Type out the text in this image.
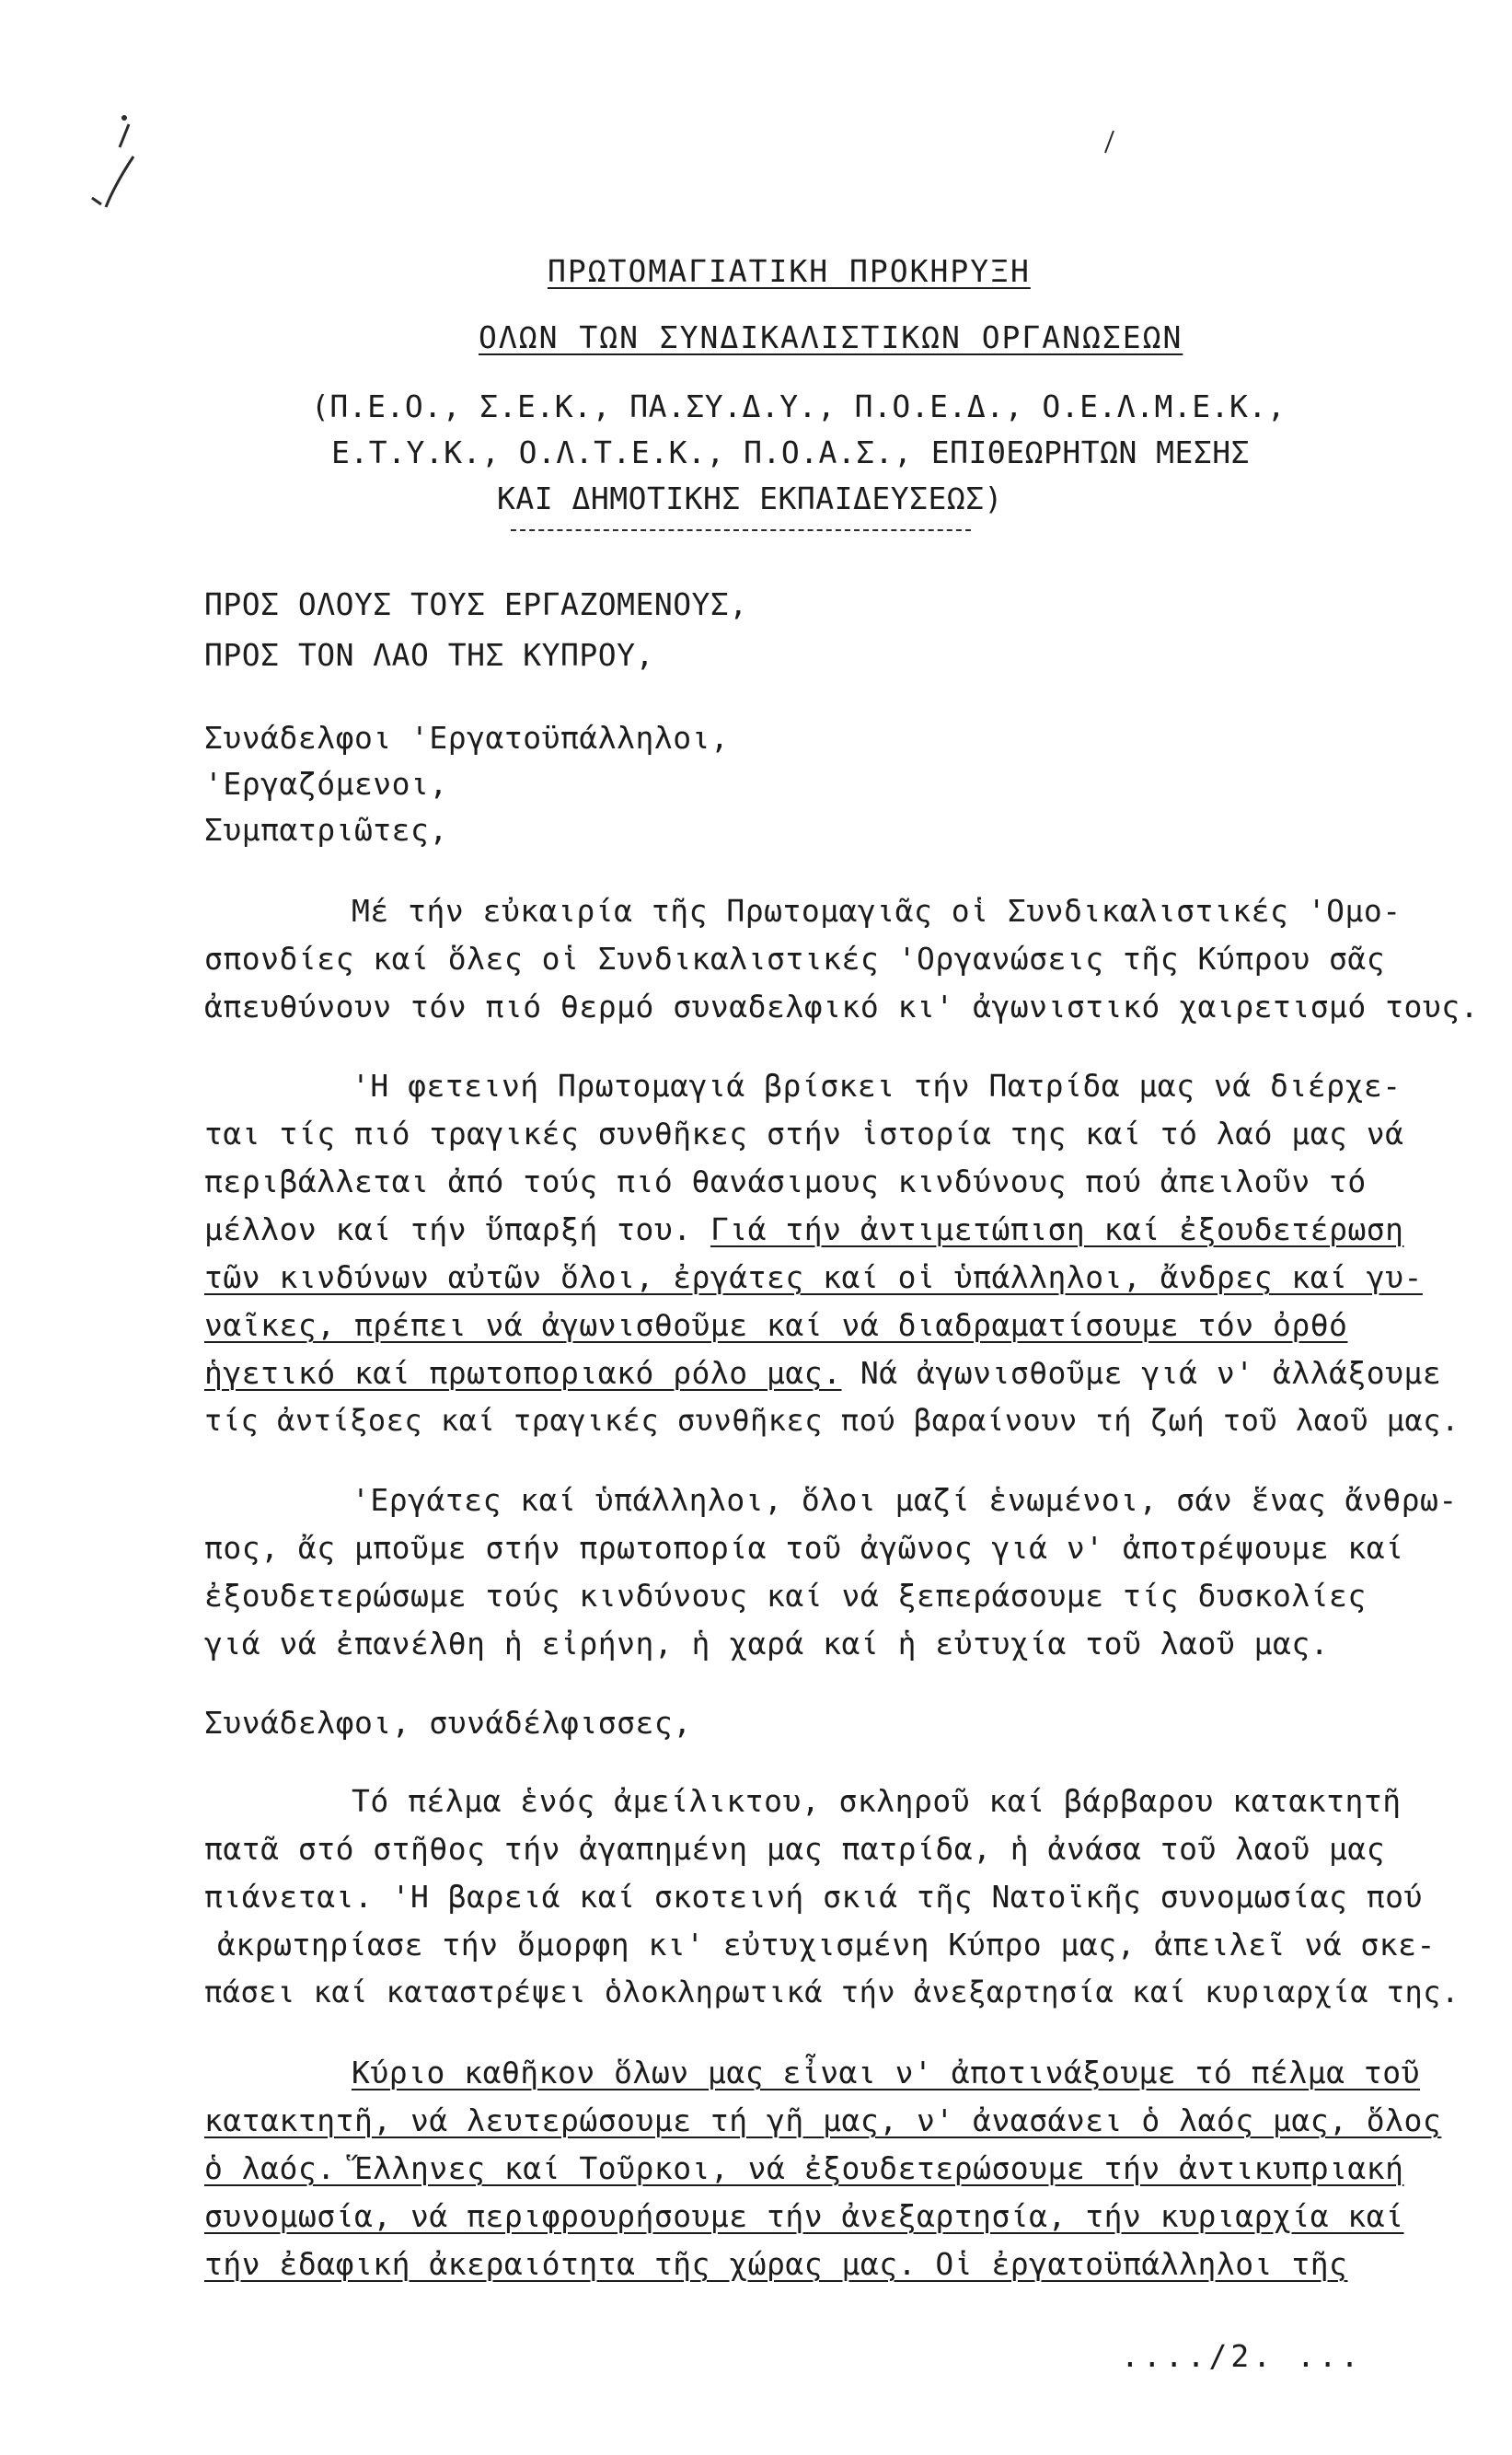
ΠΡΩΤΟΜΑΓΙΑΤΙΚΗ ΠΡΟΚΗΡΥΞΗ
ΟΛΩΝ ΤΩΝ ΣΥΝΔΙΚΑΛΙΣΤΙΚΩΝ ΟΡΓΑΝΩΣΕΩΝ
(Π.Ε.Ο., Σ.Ε.Κ., ΠΑ.ΣΥ.Δ.Υ., Π.Ο.Ε.Δ., Ο.Ε.Λ.Μ.Ε.Κ.,
Ε.Τ.Υ.Κ., Ο.Λ.Τ.Ε.Κ., Π.Ο.Α.Σ., ΕΠΙΘΕΩΡΗΤΩΝ ΜΕΣΗΣ
ΚΑΙ ΔΗΜΟΤΙΚΗΣ ΕΚΠΑΙΔΕΥΣΕΩΣ)
ΠΡΟΣ ΟΛΟΥΣ ΤΟΥΣ ΕΡΓΑΖΟΜΕΝΟΥΣ,
ΠΡΟΣ ΤΟΝ ΛΑΟ ΤΗΣ ΚΥΠΡΟΥ,
Συνάδελφοι 'Εργατοϋπάλληλοι,
'Εργαζόμενοι,
Συμπατριῶτες,
Μέ τήν εὐκαιρία τῆς Πρωτομαγιᾶς οἱ Συνδικαλιστικές 'Ομο-
σπονδίες καί ὅλες οἱ Συνδικαλιστικές 'Οργανώσεις τῆς Κύπρου σᾶς
ἀπευθύνουν τόν πιό θερμό συναδελφικό κι' ἀγωνιστικό χαιρετισμό τους.
'Η φετεινή Πρωτομαγιά βρίσκει τήν Πατρίδα μας νά διέρχε-
ται τίς πιό τραγικές συνθῆκες στήν ἱστορία της καί τό λαό μας νά
περιβάλλεται ἀπό τούς πιό θανάσιμους κινδύνους πού ἀπειλοῦν τό
μέλλον καί τήν ὕπαρξή του. Γιά τήν ἀντιμετώπιση καί ἐξουδετέρωση
τῶν κινδύνων αὐτῶν ὅλοι, ἐργάτες καί οἱ ὑπάλληλοι, ἄνδρες καί γυ-
ναῖκες, πρέπει νά ἀγωνισθοῦμε καί νά διαδραματίσουμε τόν ὀρθό
ἡγετικό καί πρωτοποριακό ρόλο μας. Νά ἀγωνισθοῦμε γιά ν' ἀλλάξουμε
τίς ἀντίξοες καί τραγικές συνθῆκες πού βαραίνουν τή ζωή τοῦ λαοῦ μας.
'Εργάτες καί ὑπάλληλοι, ὅλοι μαζί ἑνωμένοι, σάν ἕνας ἄνθρω-
πος, ἄς μποῦμε στήν πρωτοπορία τοῦ ἀγῶνος γιά ν' ἀποτρέψουμε καί
ἐξουδετερώσωμε τούς κινδύνους καί νά ξεπεράσουμε τίς δυσκολίες
γιά νά ἐπανέλθη ἡ εἰρήνη, ἡ χαρά καί ἡ εὐτυχία τοῦ λαοῦ μας.
Συνάδελφοι, συνάδέλφισσες,
Τό πέλμα ἑνός ἀμείλικτου, σκληροῦ καί βάρβαρου κατακτητῆ
πατᾶ στό στῆθος τήν ἀγαπημένη μας πατρίδα, ἡ ἀνάσα τοῦ λαοῦ μας
πιάνεται. 'Η βαρειά καί σκοτεινή σκιά τῆς Νατοϊκῆς συνομωσίας πού
ἀκρωτηρίασε τήν ὄμορφη κι' εὐτυχισμένη Κύπρο μας, ἀπειλεῖ νά σκε-
πάσει καί καταστρέψει ὁλοκληρωτικά τήν ἀνεξαρτησία καί κυριαρχία της.
Κύριο καθῆκον ὅλων μας εἶναι ν' ἀποτινάξουμε τό πέλμα τοῦ
κατακτητῆ, νά λευτερώσουμε τή γῆ μας, ν' ἀνασάνει ὁ λαός μας, ὅλος
ὁ λαός. Ἕλληνες καί Τοῦρκοι, νά ἐξουδετερώσουμε τήν ἀντικυπριακή
συνομωσία, νά περιφρουρήσουμε τήν ἀνεξαρτησία, τήν κυριαρχία καί
τήν ἐδαφική ἀκεραιότητα τῆς χώρας μας. Οἱ ἐργατοϋπάλληλοι τῆς
..../2. ...
